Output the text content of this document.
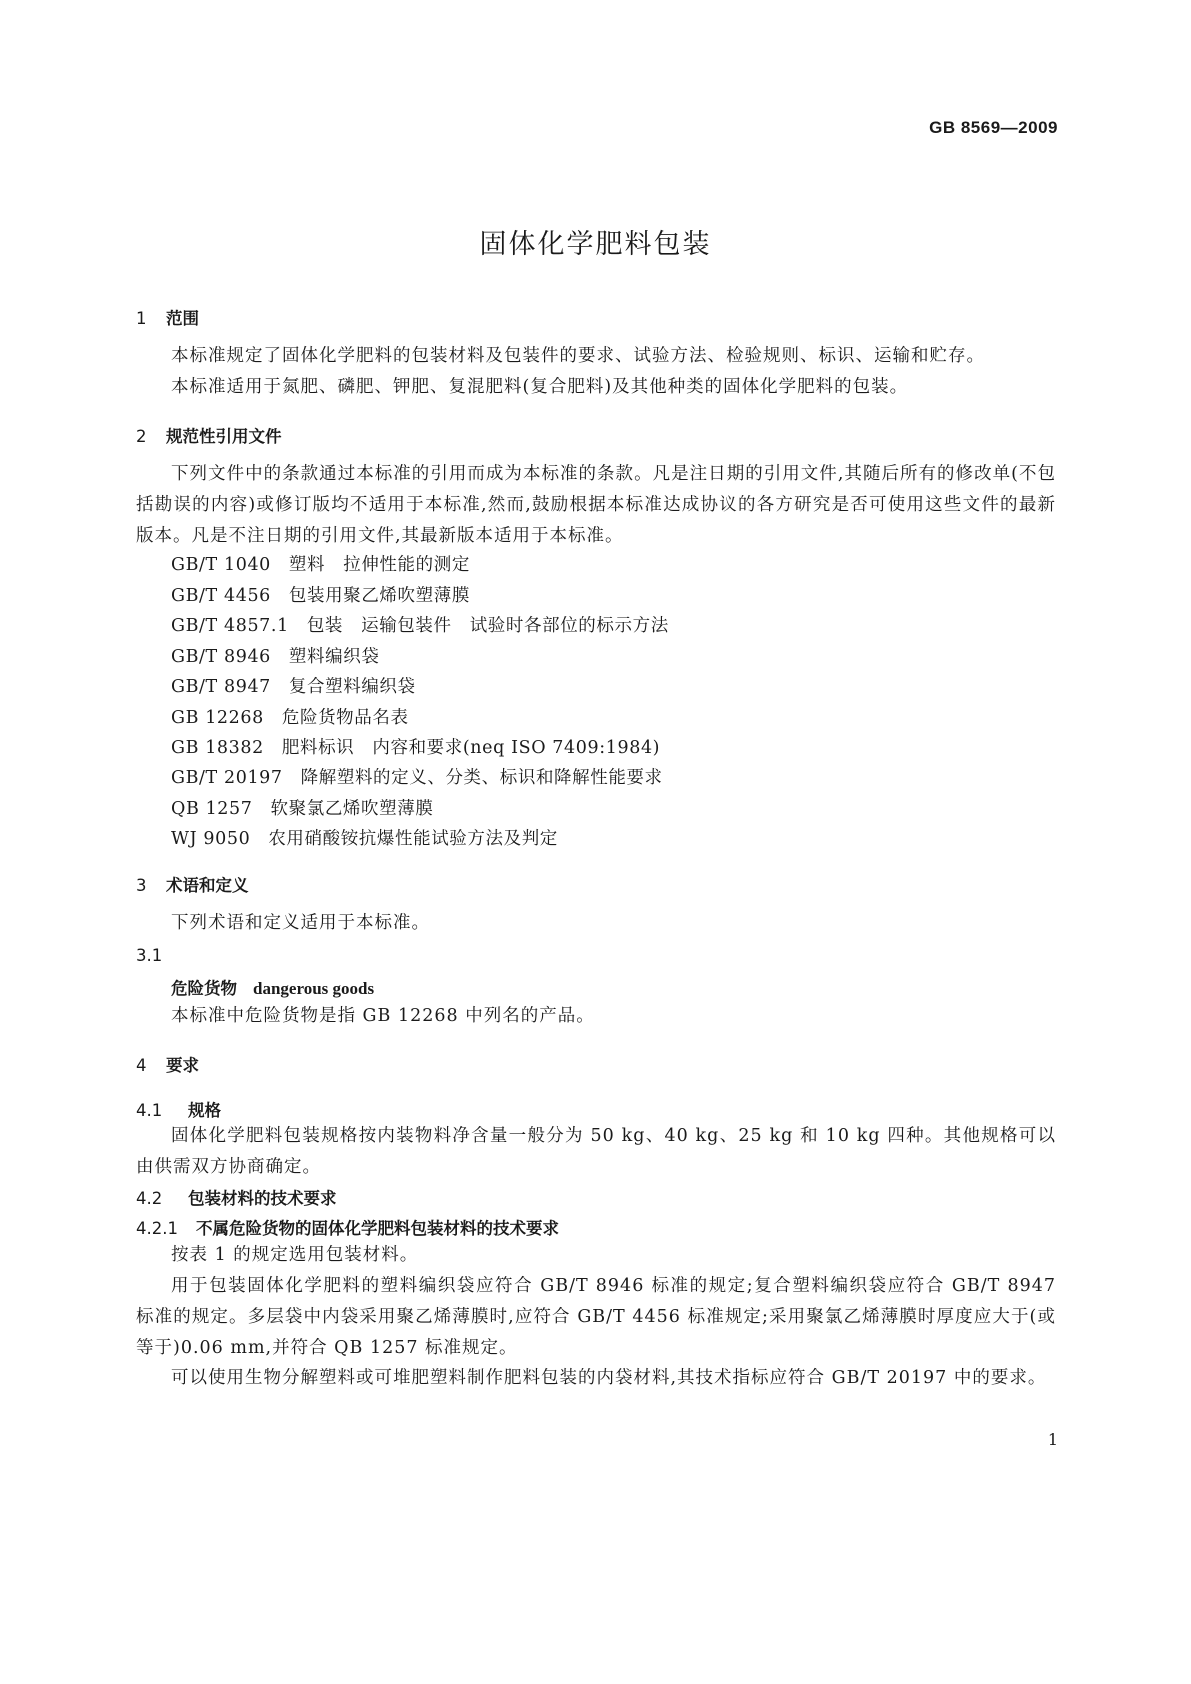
GB 8569—2009
固体化学肥料包装
1 范围
本标准规定了固体化学肥料的包装材料及包装件的要求、试验方法、检验规则、标识、运输和贮存。
本标准适用于氮肥、磷肥、钾肥、复混肥料(复合肥料)及其他种类的固体化学肥料的包装。
2 规范性引用文件
下列文件中的条款通过本标准的引用而成为本标准的条款。凡是注日期的引用文件,其随后所有的修改单(不包括勘误的内容)或修订版均不适用于本标准,然而,鼓励根据本标准达成协议的各方研究是否可使用这些文件的最新版本。凡是不注日期的引用文件,其最新版本适用于本标准。
GB/T 1040 塑料　拉伸性能的测定
GB/T 4456 包装用聚乙烯吹塑薄膜
GB/T 4857.1 包装　运输包装件　试验时各部位的标示方法
GB/T 8946 塑料编织袋
GB/T 8947 复合塑料编织袋
GB 12268 危险货物品名表
GB 18382 肥料标识　内容和要求(neq ISO 7409:1984)
GB/T 20197 降解塑料的定义、分类、标识和降解性能要求
QB 1257 软聚氯乙烯吹塑薄膜
WJ 9050 农用硝酸铵抗爆性能试验方法及判定
3 术语和定义
下列术语和定义适用于本标准。
3.1
危险货物 dangerous goods
本标准中危险货物是指 GB 12268 中列名的产品。
4 要求
4.1 规格
固体化学肥料包装规格按内装物料净含量一般分为 50 kg、40 kg、25 kg 和 10 kg 四种。其他规格可以由供需双方协商确定。
4.2 包装材料的技术要求
4.2.1 不属危险货物的固体化学肥料包装材料的技术要求
按表 1 的规定选用包装材料。
用于包装固体化学肥料的塑料编织袋应符合 GB/T 8946 标准的规定;复合塑料编织袋应符合 GB/T 8947 标准的规定。多层袋中内袋采用聚乙烯薄膜时,应符合 GB/T 4456 标准规定;采用聚氯乙烯薄膜时厚度应大于(或等于)0.06 mm,并符合 QB 1257 标准规定。
可以使用生物分解塑料或可堆肥塑料制作肥料包装的内袋材料,其技术指标应符合 GB/T 20197 中的要求。
1
